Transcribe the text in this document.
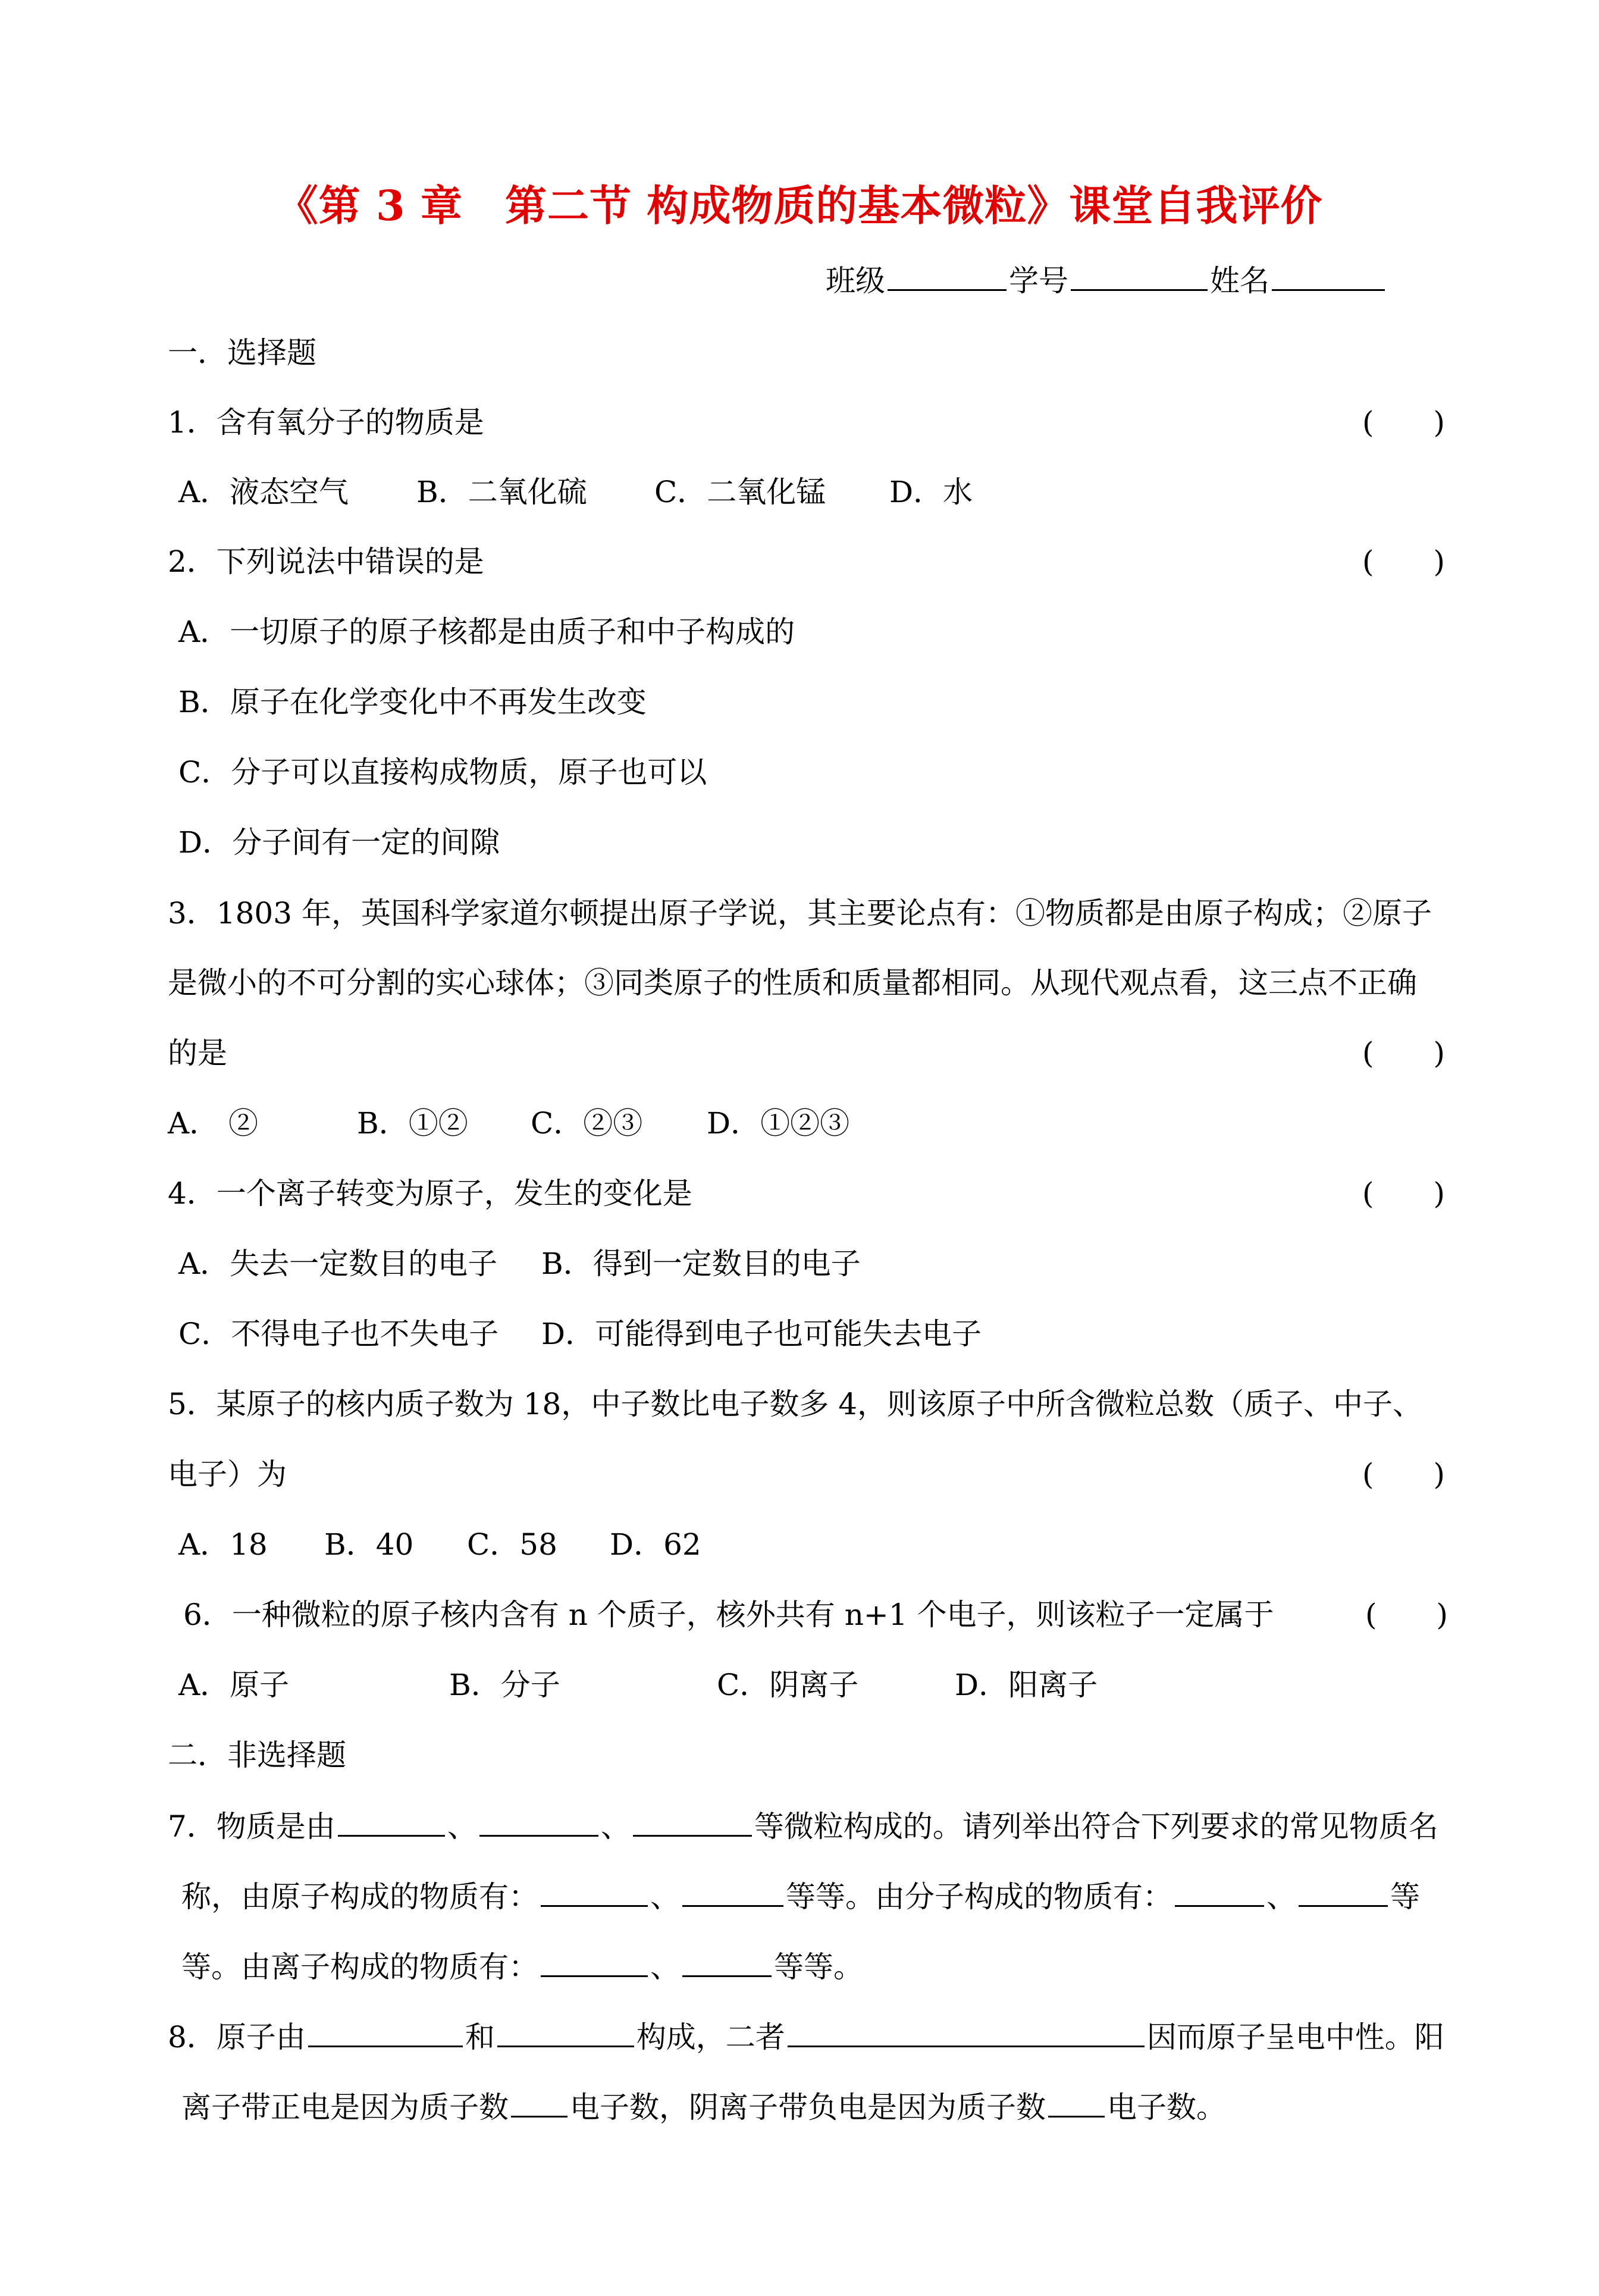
《第 3 章　第二节 构成物质的基本微粒》课堂自我评价
班级	学号	姓名
一．选择题
1．含有氧分子的物质是	(　　)
A．液态空气 B．二氧化硫 C．二氧化锰 D．水
2．下列说法中错误的是	(　　)
A．一切原子的原子核都是由质子和中子构成的
B．原子在化学变化中不再发生改变
C．分子可以直接构成物质，原子也可以
D．分子间有一定的间隙
3．1803 年，英国科学家道尔顿提出原子学说，其主要论点有：①物质都是由原子构成；②原子
是微小的不可分割的实心球体；③同类原子的性质和质量都相同。从现代观点看，这三点不正确
的是	(　　)
A． ②	B．①② C．②③ D．①②③
4．一个离子转变为原子，发生的变化是	(　　)
A．失去一定数目的电子 B．得到一定数目的电子
C．不得电子也不失电子 D．可能得到电子也可能失去电子
5．某原子的核内质子数为 18，中子数比电子数多 4，则该原子中所含微粒总数（质子、中子、
电子）为	(　　)
A．18 B．40 C．58 D．62
6．一种微粒的原子核内含有 n 个质子，核外共有 n+1 个电子，则该粒子一定属于	(　　)
A．原子	B．分子	C．阴离子	D．阳离子
二．非选择题
7．物质是由	、	、	等微粒构成的。请列举出符合下列要求的常见物质名
称，由原子构成的物质有：	、	等等。由分子构成的物质有：	、	等
等。由离子构成的物质有：	、	等等。
8．原子由	和	构成，二者	因而原子呈电中性。阳
离子带正电是因为质子数 电子数，阴离子带负电是因为质子数 电子数。
